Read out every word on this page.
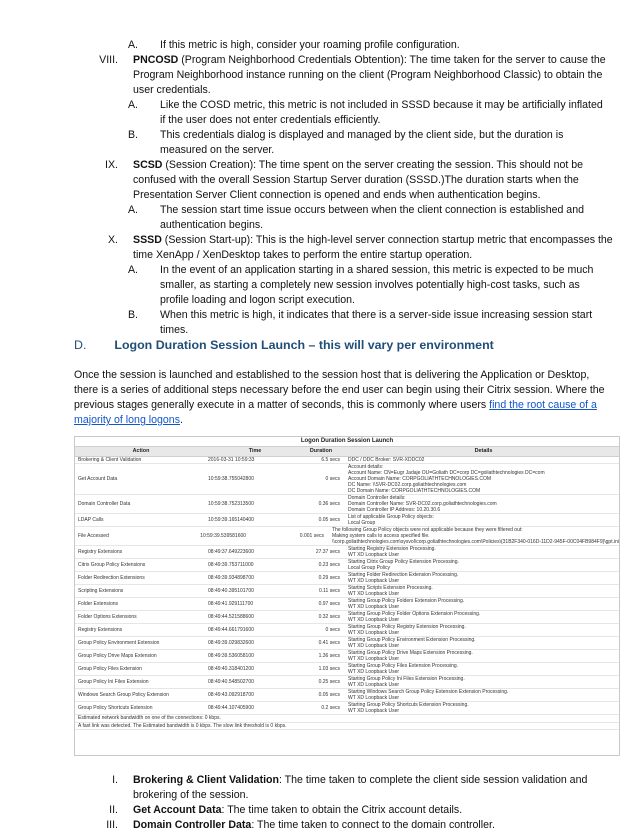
A. If this metric is high, consider your roaming profile configuration.
VIII. PNCOSD (Program Neighborhood Credentials Obtention): The time taken for the server to cause the
Program Neighborhood instance running on the client (Program Neighborhood Classic) to obtain the
user credentials.
A. Like the COSD metric, this metric is not included in SSSD because it may be artificially inflated
if the user does not enter credentials efficiently.
B. This credentials dialog is displayed and managed by the client side, but the duration is
measured on the server.
IX. SCSD (Session Creation): The time spent on the server creating the session. This should not be
confused with the overall Session Startup Server duration (SSSD.)The duration starts when the
Presentation Server Client connection is opened and ends when authentication begins.
A. The session start time issue occurs between when the client connection is established and
authentication begins.
X. SSSD (Session Start-up): This is the high-level server connection startup metric that encompasses the
time XenApp / XenDesktop takes to perform the entire startup operation.
A. In the event of an application starting in a shared session, this metric is expected to be much
smaller, as starting a completely new session involves potentially high-cost tasks, such as
profile loading and logon script execution.
B. When this metric is high, it indicates that there is a server-side issue increasing session start
times.
D. Logon Duration Session Launch – this will vary per environment
Once the session is launched and established to the session host that is delivering the Application or Desktop,
there is a series of additional steps necessary before the end user can begin using their Citrix session. Where the
previous stages generally execute in a matter of seconds, this is commonly where users find the root cause of a
majority of long logons.
Logon Duration Session Launch
Action	Time	Duration	Details
Brokering & Client Validation	2016-03-31 10:59:33	6.5 secs	DDC / DDC Broker: SVR-XDDC02
Get Account Data	10:59:38.755042800	0 secs
Account details:
Account Name: CN=Eugr Jadaje OU=Goliath DC=corp DC=goliathtechnologies DC=com
Account Domain Name: CORPGOLIATHTECHNOLOGIES.COM
DC Name: \\SVR-DC02.corp.goliathtechnologies.com
DC Domain Name: CORPGOLIATHTECHNOLOGIES.COM
Domain Controller Data	10:59:38.752313500	0.36 secs
Domain Controller details:
Domain Controller Name: SVR-DC02.corp.goliathtechnologies.com
Domain Controller IP Address: 10.20.30.6
LDAP Calls	10:59:39.165140400	0.05 secs	List of applicable Group Policy objects:
Local Group
File Accessed	10:59:39.539581600	0.001 secs
The following Group Policy objects were not applicable because they were filtered out:
Making system calls to access specified file.
\\corp.goliathtechnologies.com\sysvol\corp.goliathtechnologies.com\Policies\{31B2F340-016D-11D2-945F-00C04FB984F9}\gpt.ini
Registry Extensions	08:49:37.649223600	27.37 secs	Starting Registry Extension Processing.
WT XD Loopback User
Citrix Group Policy Extensions	08:49:39.753711000	0.23 secs	Starting Citrix Group Policy Extension Processing.
Local Group Policy
Folder Redirection Extensions	08:49:39.934898700	0.29 secs	Starting Folder Redirection Extension Processing.
WT XD Loopback User
Scripting Extensions	08:49:40.395101700	0.11 secs	Starting Scripts Extension Processing.
WT XD Loopback User
Folder Extensions	08:49:41.929111700	0.97 secs	Starting Group Policy Folders Extension Processing.
WT XD Loopback User
Folder Options Extensions	08:49:44.521588600	0.32 secs	Starting Group Policy Folder Options Extension Processing.
WT XD Loopback User
Registry Extensions	08:49:44.661791600	0 secs	Starting Group Policy Registry Extension Processing.
WT XD Loopback User
Group Policy Environment Extension	08:49:39.029832600	0.41 secs	Starting Group Policy Environment Extension Processing.
WT XD Loopback User
Group Policy Drive Maps Extension	08:49:39.536058100	1.36 secs	Starting Group Policy Drive Maps Extension Processing.
WT XD Loopback User
Group Policy Files Extension	08:49:40.318401200	1.03 secs	Starting Group Policy Files Extension Processing.
WT XD Loopback User
Group Policy Ini Files Extension	08:49:40.548502700	0.25 secs	Starting Group Policy Ini Files Extension Processing.
WT XD Loopback User
Windows Search Group Policy Extension	08:49:43.092918700	0.05 secs	Starting Windows Search Group Policy Extension Extension Processing.
WT XD Loopback User
Group Policy Shortcuts Extension	08:49:44.107405900	0.2 secs	Starting Group Policy Shortcuts Extension Processing.
WT XD Loopback User
Estimated network bandwidth on one of the connections: 0 kbps.
A fast link was detected. The Estimated bandwidth is 0 kbps. The slow link threshold is 0 kbps.
I. Brokering & Client Validation: The time taken to complete the client side session validation and
brokering of the session.
II. Get Account Data: The time taken to obtain the Citrix account details.
III. Domain Controller Data: The time taken to connect to the domain controller.
